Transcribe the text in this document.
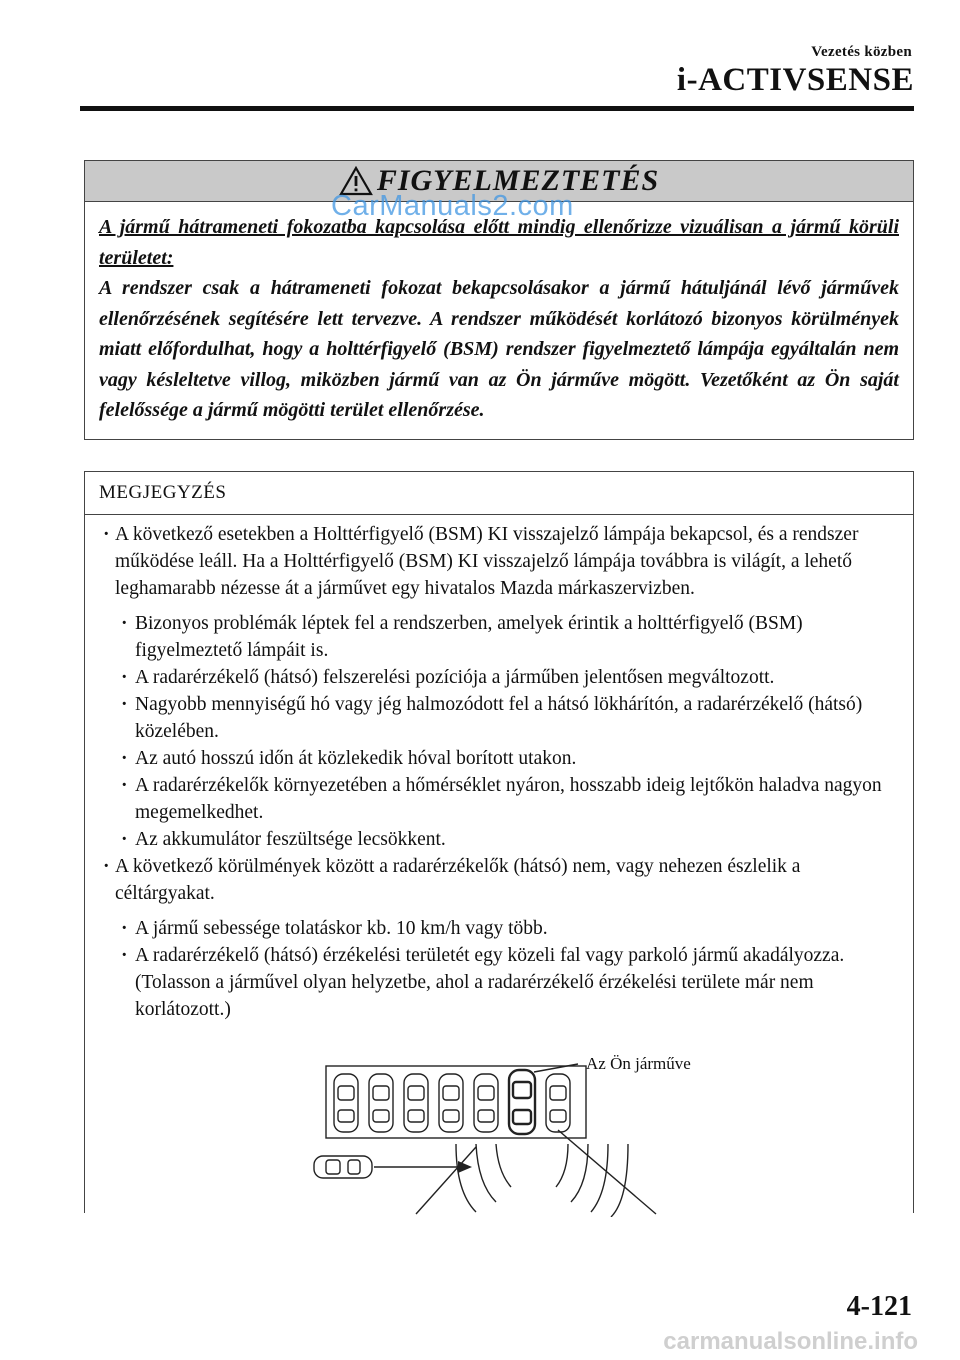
Vezetés közben
i-ACTIVSENSE
FIGYELMEZTETÉS
CarManuals2.com
A jármű hátrameneti fokozatba kapcsolása előtt mindig ellenőrizze vizuálisan a jármű körüli területet:
A rendszer csak a hátrameneti fokozat bekapcsolásakor a jármű hátuljánál lévő járművek ellenőrzésének segítésére lett tervezve. A rendszer működését korlátozó bizonyos körülmények miatt előfordulhat, hogy a holttérfigyelő (BSM) rendszer figyelmeztető lámpája egyáltalán nem vagy késleltetve villog, miközben jármű van az Ön járműve mögött. Vezetőként az Ön saját felelőssége a jármű mögötti terület ellenőrzése.
MEGJEGYZÉS
· A következő esetekben a Holttérfigyelő (BSM) KI visszajelző lámpája bekapcsol, és a rendszer működése leáll. Ha a Holttérfigyelő (BSM) KI visszajelző lámpája továbbra is világít, a lehető leghamarabb nézesse át a járművet egy hivatalos Mazda márkaszervizben.
· Bizonyos problémák léptek fel a rendszerben, amelyek érintik a holttérfigyelő (BSM) figyelmeztető lámpáit is.
· A radarérzékelő (hátsó) felszerelési pozíciója a járműben jelentősen megváltozott.
· Nagyobb mennyiségű hó vagy jég halmozódott fel a hátsó lökhárítón, a radarérzékelő (hátsó) közelében.
· Az autó hosszú időn át közlekedik hóval borított utakon.
· A radarérzékelők környezetében a hőmérséklet nyáron, hosszabb ideig lejtőkön haladva nagyon megemelkedhet.
· Az akkumulátor feszültsége lecsökkent.
· A következő körülmények között a radarérzékelők (hátsó) nem, vagy nehezen észlelik a céltárgyakat.
· A jármű sebessége tolatáskor kb. 10 km/h vagy több.
· A radarérzékelő (hátsó) érzékelési területét egy közeli fal vagy parkoló jármű akadályozza. (Tolasson a járművel olyan helyzetbe, ahol a radarérzékelő érzékelési területe már nem korlátozott.)
Az Ön járműve
4-121
carmanualsonline.info
